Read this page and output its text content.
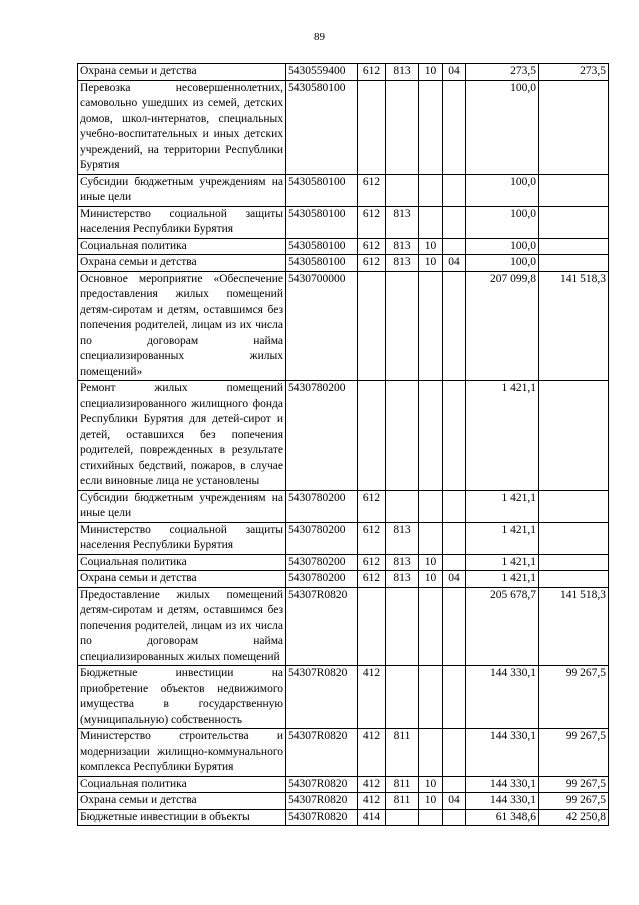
89
Охрана семьи и детства	5430559400	612	813	10	04	273,5	273,5
Перевозка несовершеннолетних, самовольно ушедших из семей, детских домов, школ-интернатов, специальных учебно-воспитательных и иных детских учреждений, на территории Республики Бурятия	5430580100					100,0	
Субсидии бюджетным учреждениям на иные цели	5430580100	612				100,0	
Министерство социальной защиты населения Республики Бурятия	5430580100	612	813			100,0	
Социальная политика	5430580100	612	813	10		100,0	
Охрана семьи и детства	5430580100	612	813	10	04	100,0	
Основное мероприятие «Обеспечение предоставления жилых помещений детям-сиротам и детям, оставшимся без попечения родителей, лицам из их числа по договорам найма специализированных жилых помещений»	5430700000					207 099,8	141 518,3
Ремонт жилых помещений специализированного жилищного фонда Республики Бурятия для детей-сирот и детей, оставшихся без попечения родителей, поврежденных в результате стихийных бедствий, пожаров, в случае если виновные лица не установлены	5430780200					1 421,1	
Субсидии бюджетным учреждениям на иные цели	5430780200	612				1 421,1	
Министерство социальной защиты населения Республики Бурятия	5430780200	612	813			1 421,1	
Социальная политика	5430780200	612	813	10		1 421,1	
Охрана семьи и детства	5430780200	612	813	10	04	1 421,1	
Предоставление жилых помещений детям-сиротам и детям, оставшимся без попечения родителей, лицам из их числа по договорам найма специализированных жилых помещений	54307R0820					205 678,7	141 518,3
Бюджетные инвестиции на приобретение объектов недвижимого имущества в государственную (муниципальную) собственность	54307R0820	412				144 330,1	99 267,5
Министерство строительства и модернизации жилищно-коммунального комплекса Республики Бурятия	54307R0820	412	811			144 330,1	99 267,5
Социальная политика	54307R0820	412	811	10		144 330,1	99 267,5
Охрана семьи и детства	54307R0820	412	811	10	04	144 330,1	99 267,5
Бюджетные инвестиции в объекты	54307R0820	414				61 348,6	42 250,8
